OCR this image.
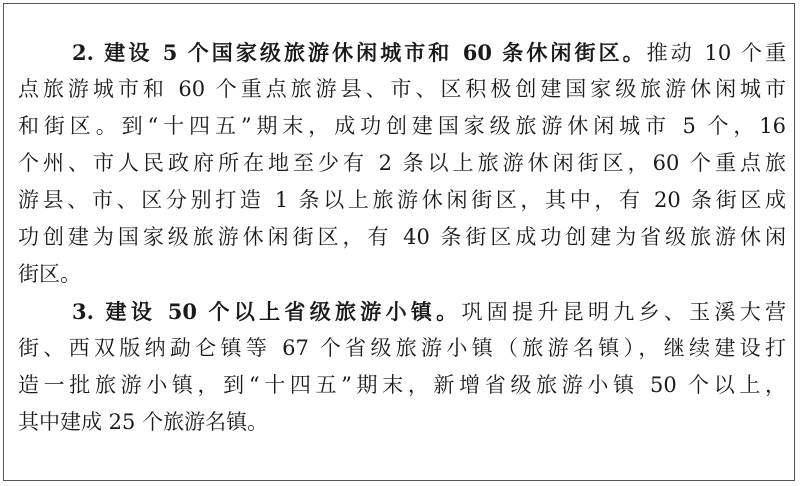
2. 建设 5 个国家级旅游休闲城市和 60 条休闲街区。推动 10 个重
点旅游城市和 60 个重点旅游县、市、区积极创建国家级旅游休闲城市
和街区。到“十四五”期末，成功创建国家级旅游休闲城市 5 个，16
个州、市人民政府所在地至少有 2 条以上旅游休闲街区，60 个重点旅
游县、市、区分别打造 1 条以上旅游休闲街区，其中，有 20 条街区成
功创建为国家级旅游休闲街区，有 40 条街区成功创建为省级旅游休闲
街区。
3. 建设 50 个以上省级旅游小镇。巩固提升昆明九乡、玉溪大营
街、西双版纳勐仑镇等 67 个省级旅游小镇（旅游名镇），继续建设打
造一批旅游小镇，到“十四五”期末，新增省级旅游小镇 50 个以上，
其中建成 25 个旅游名镇。
